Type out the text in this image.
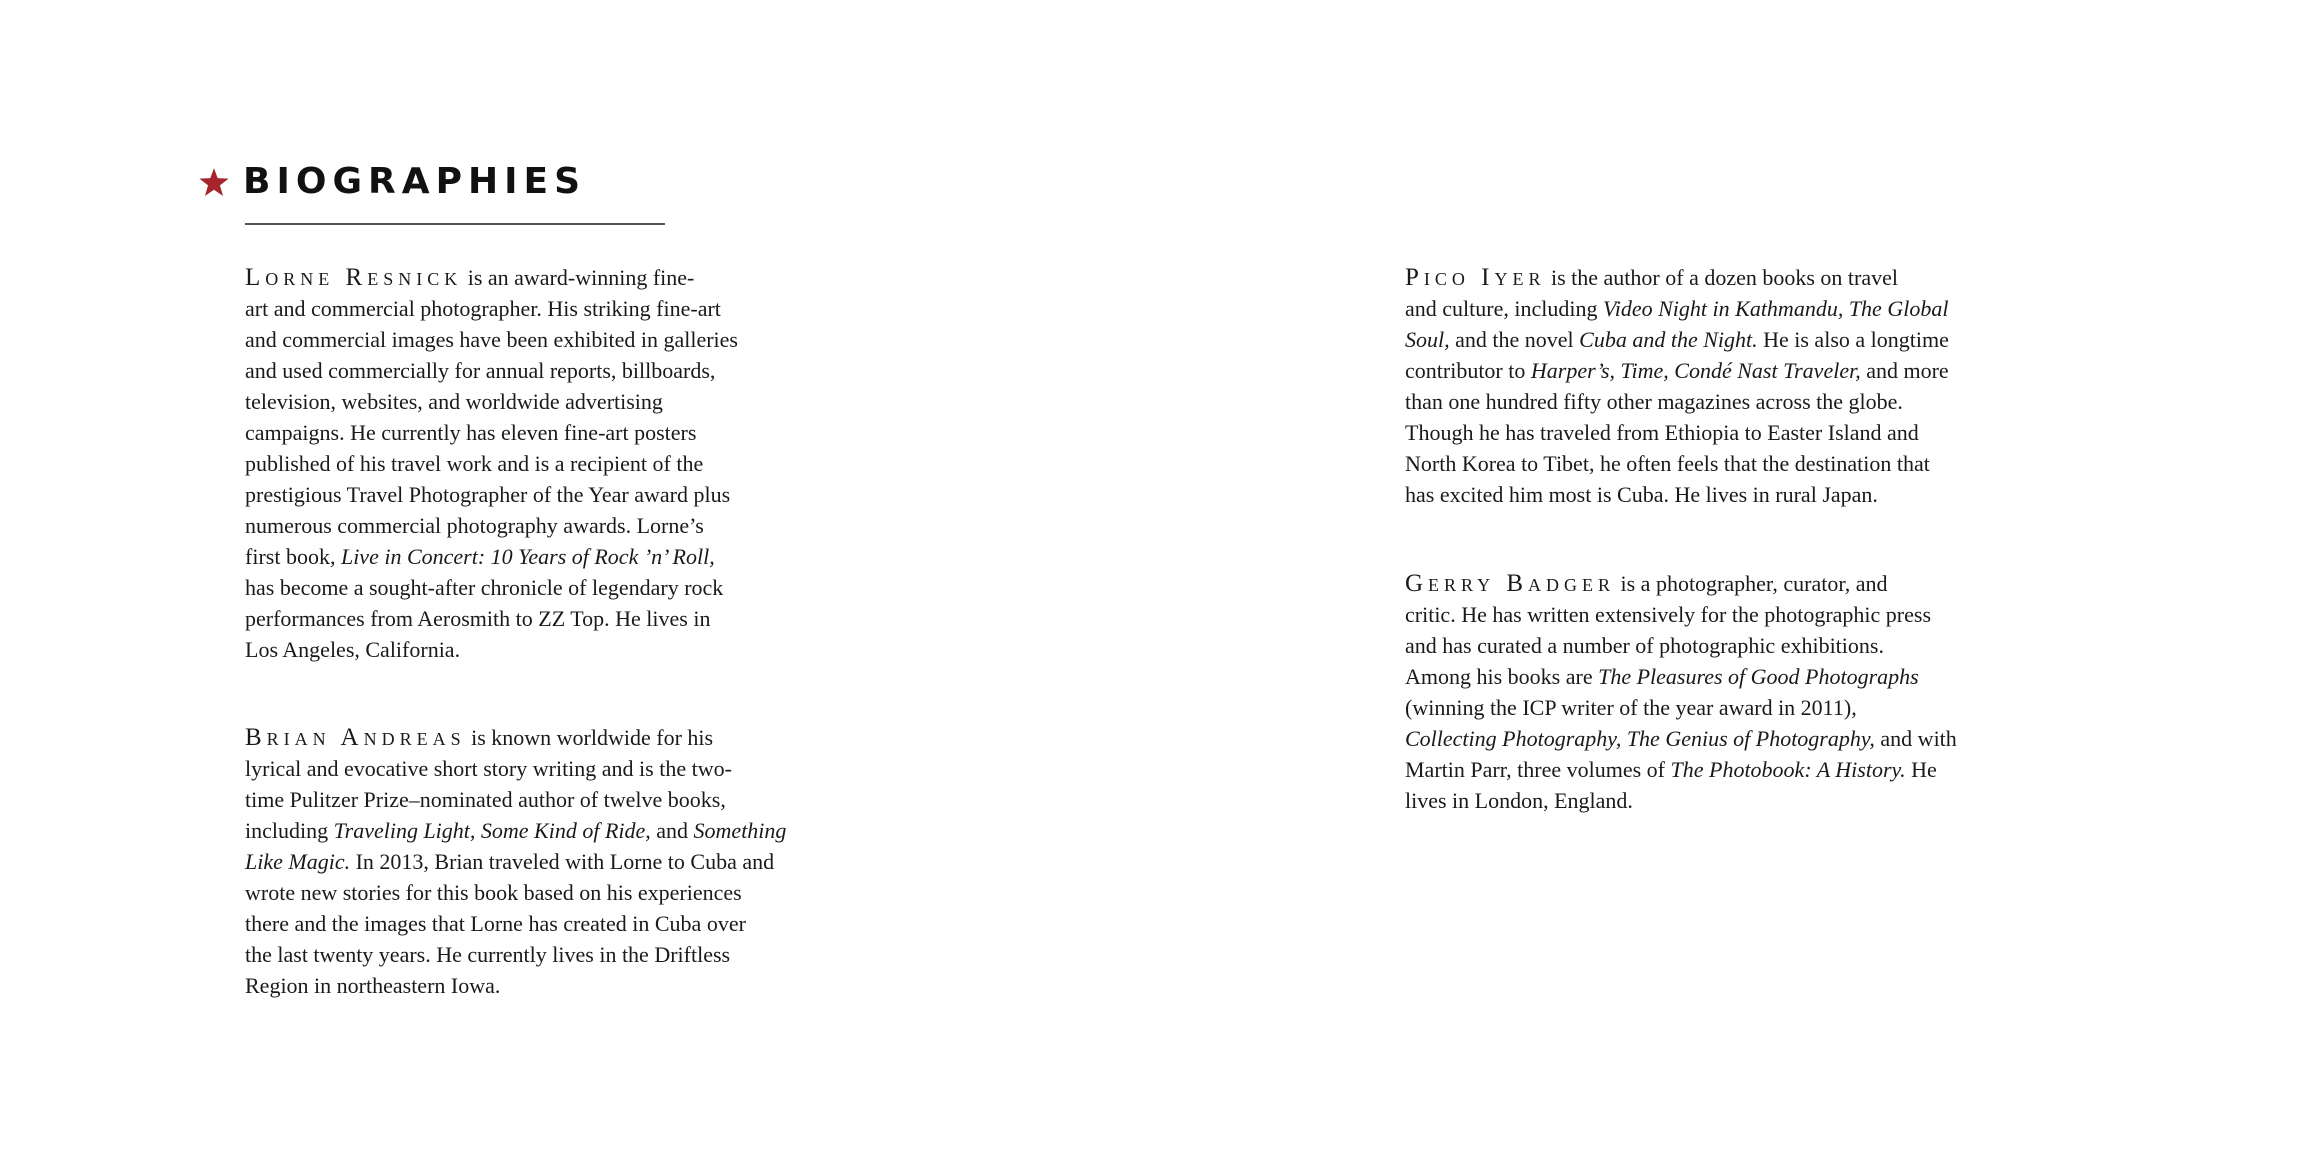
BIOGRAPHIES
Lorne Resnick is an award-winning fine-
art and commercial photographer. His striking fine-art
and commercial images have been exhibited in galleries
and used commercially for annual reports, billboards,
television, websites, and worldwide advertising
campaigns. He currently has eleven fine-art posters
published of his travel work and is a recipient of the
prestigious Travel Photographer of the Year award plus
numerous commercial photography awards. Lorne’s
first book, Live in Concert: 10 Years of Rock ’n’ Roll,
has become a sought-after chronicle of legendary rock
performances from Aerosmith to ZZ Top. He lives in
Los Angeles, California.
Brian Andreas is known worldwide for his
lyrical and evocative short story writing and is the two-
time Pulitzer Prize–nominated author of twelve books,
including Traveling Light, Some Kind of Ride, and Something
Like Magic. In 2013, Brian traveled with Lorne to Cuba and
wrote new stories for this book based on his experiences
there and the images that Lorne has created in Cuba over
the last twenty years. He currently lives in the Driftless
Region in northeastern Iowa.
Pico Iyer is the author of a dozen books on travel
and culture, including Video Night in Kathmandu, The Global
Soul, and the novel Cuba and the Night. He is also a longtime
contributor to Harper’s, Time, Condé Nast Traveler, and more
than one hundred fifty other magazines across the globe.
Though he has traveled from Ethiopia to Easter Island and
North Korea to Tibet, he often feels that the destination that
has excited him most is Cuba. He lives in rural Japan.
Gerry Badger is a photographer, curator, and
critic. He has written extensively for the photographic press
and has curated a number of photographic exhibitions.
Among his books are The Pleasures of Good Photographs
(winning the ICP writer of the year award in 2011),
Collecting Photography, The Genius of Photography, and with
Martin Parr, three volumes of The Photobook: A History. He
lives in London, England.
